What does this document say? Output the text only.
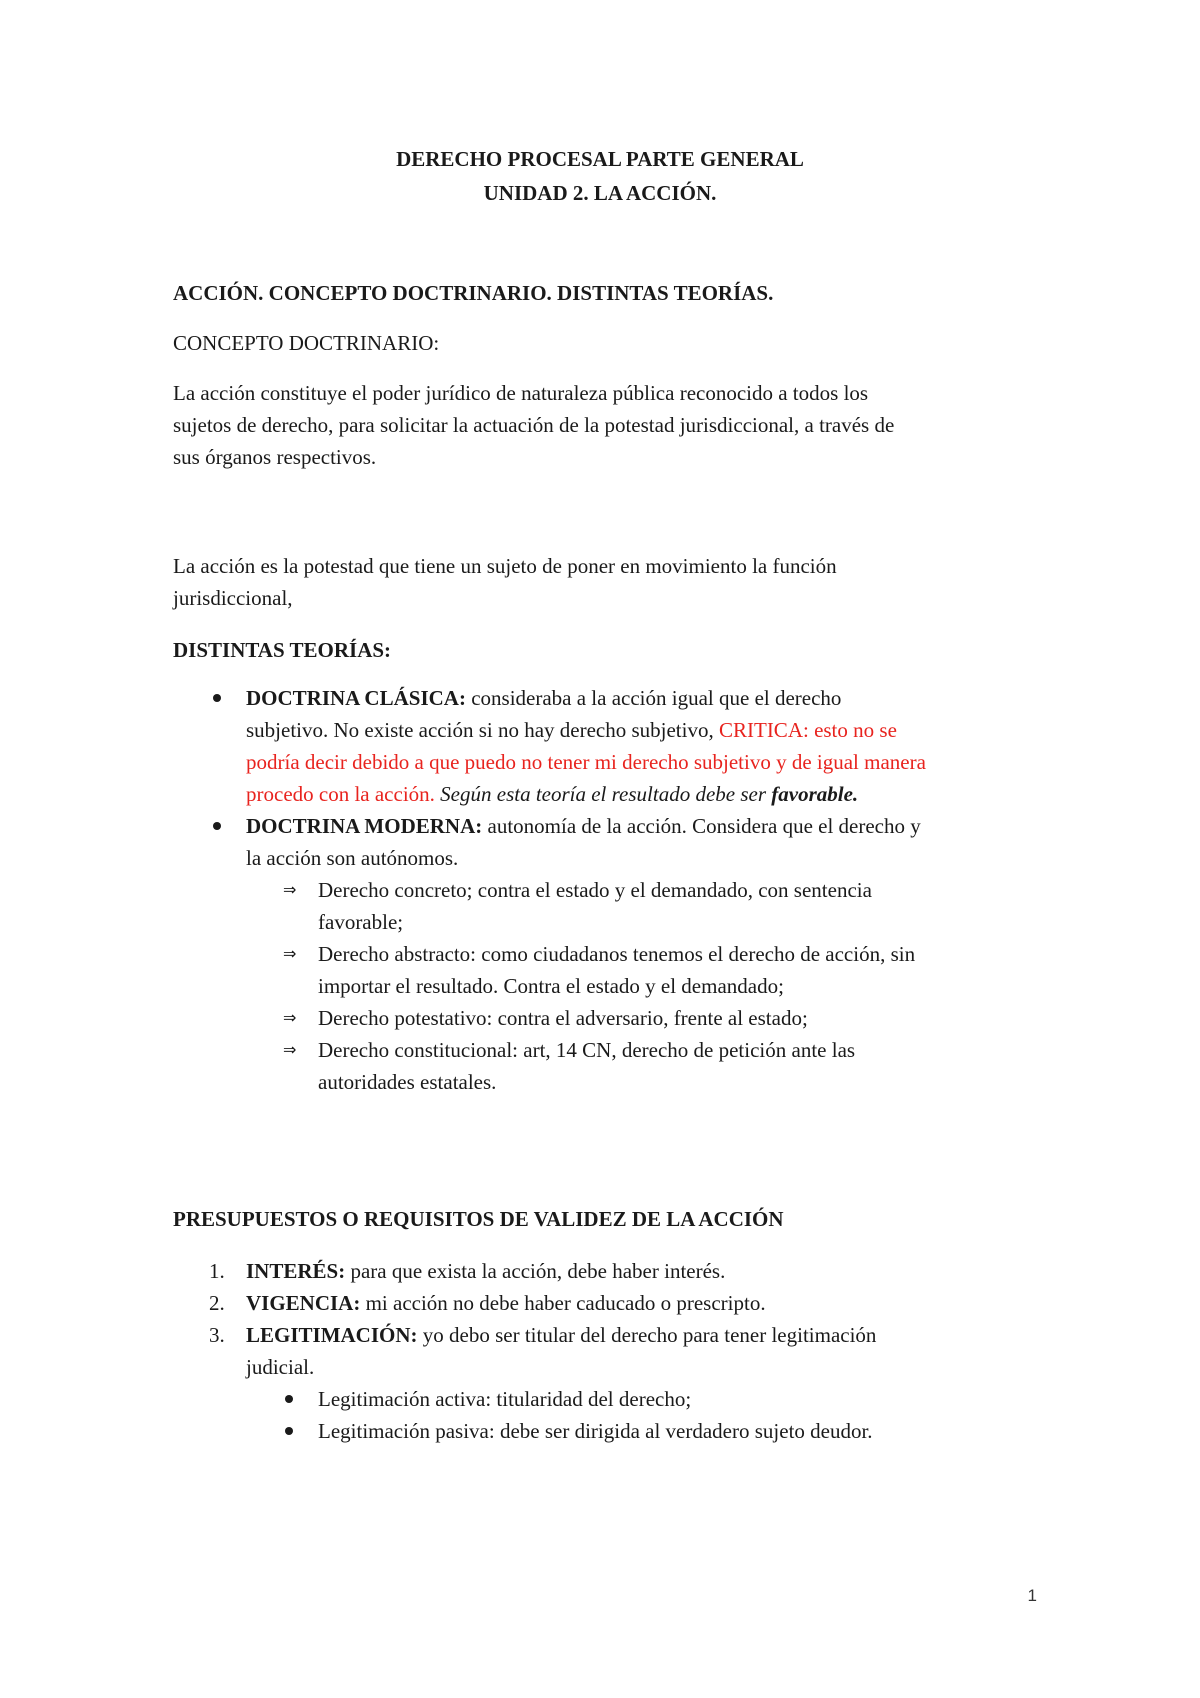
DERECHO PROCESAL PARTE GENERAL

UNIDAD 2. LA ACCIÓN.

ACCIÓN. CONCEPTO DOCTRINARIO. DISTINTAS TEORÍAS.

CONCEPTO DOCTRINARIO:

La acción constituye el poder jurídico de naturaleza pública reconocido a todos los

sujetos de derecho, para solicitar la actuación de la potestad jurisdiccional, a través de

sus órganos respectivos.

La acción es la potestad que tiene un sujeto de poner en movimiento la función

jurisdiccional,

DISTINTAS TEORÍAS:

DOCTRINA CLÁSICA: consideraba a la acción igual que el derecho

subjetivo. No existe acción si no hay derecho subjetivo, CRITICA: esto no se

podría decir debido a que puedo no tener mi derecho subjetivo y de igual manera

procedo con la acción. Según esta teoría el resultado debe ser favorable.

DOCTRINA MODERNA: autonomía de la acción. Considera que el derecho y

la acción son autónomos.

⇒ Derecho concreto; contra el estado y el demandado, con sentencia

favorable;

⇒ Derecho abstracto: como ciudadanos tenemos el derecho de acción, sin

importar el resultado. Contra el estado y el demandado;

⇒ Derecho potestativo: contra el adversario, frente al estado;

⇒ Derecho constitucional: art, 14 CN, derecho de petición ante las

autoridades estatales.

PRESUPUESTOS O REQUISITOS DE VALIDEZ DE LA ACCIÓN

1. INTERÉS: para que exista la acción, debe haber interés.

2. VIGENCIA: mi acción no debe haber caducado o prescripto.

3. LEGITIMACIÓN: yo debo ser titular del derecho para tener legitimación

judicial.

Legitimación activa: titularidad del derecho;

Legitimación pasiva: debe ser dirigida al verdadero sujeto deudor.

1
